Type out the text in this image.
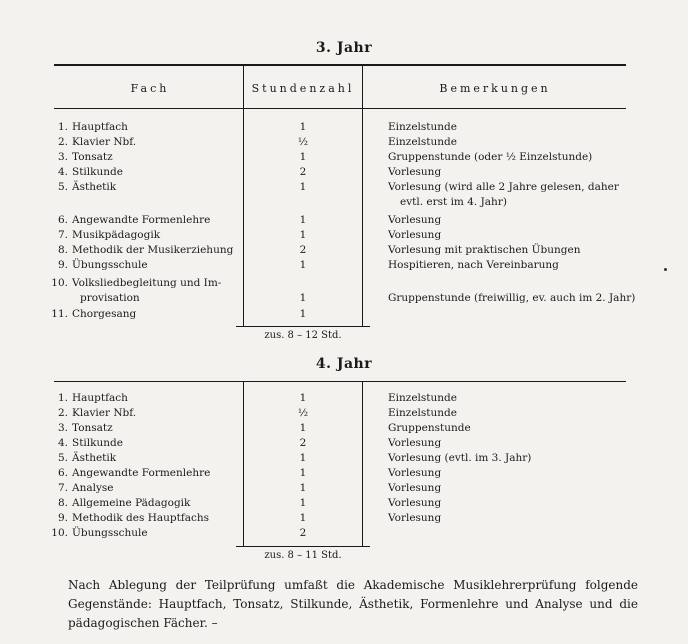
3. Jahr
Fach	Stundenzahl	Bemerkungen
1. Hauptfach	1	Einzelstunde
2. Klavier Nbf.	½	Einzelstunde
3. Tonsatz	1	Gruppenstunde (oder ½ Einzelstunde)
4. Stilkunde	2	Vorlesung
5. Ästhetik	1	Vorlesung (wird alle 2 Jahre gelesen, daher
evtl. erst im 4. Jahr)
6. Angewandte Formenlehre	1	Vorlesung
7. Musikpädagogik	1	Vorlesung
8. Methodik der Musikerziehung	2	Vorlesung mit praktischen Übungen
9. Übungsschule	1	Hospitieren, nach Vereinbarung
10. Volksliedbegleitung und Im-
provisation	1	Gruppenstunde (freiwillig, ev. auch im 2. Jahr)
11. Chorgesang	1
zus. 8 – 12 Std.
4. Jahr
1. Hauptfach	1	Einzelstunde
2. Klavier Nbf.	½	Einzelstunde
3. Tonsatz	1	Gruppenstunde
4. Stilkunde	2	Vorlesung
5. Ästhetik	1	Vorlesung (evtl. im 3. Jahr)
6. Angewandte Formenlehre	1	Vorlesung
7. Analyse	1	Vorlesung
8. Allgemeine Pädagogik	1	Vorlesung
9. Methodik des Hauptfachs	1	Vorlesung
10. Übungsschule	2
zus. 8 – 11 Std.
Nach Ablegung der Teilprüfung umfaßt die Akademische Musiklehrerprüfung folgende Gegenstände: Hauptfach, Tonsatz, Stilkunde, Ästhetik, Formenlehre und Analyse und die pädagogischen Fächer. –
